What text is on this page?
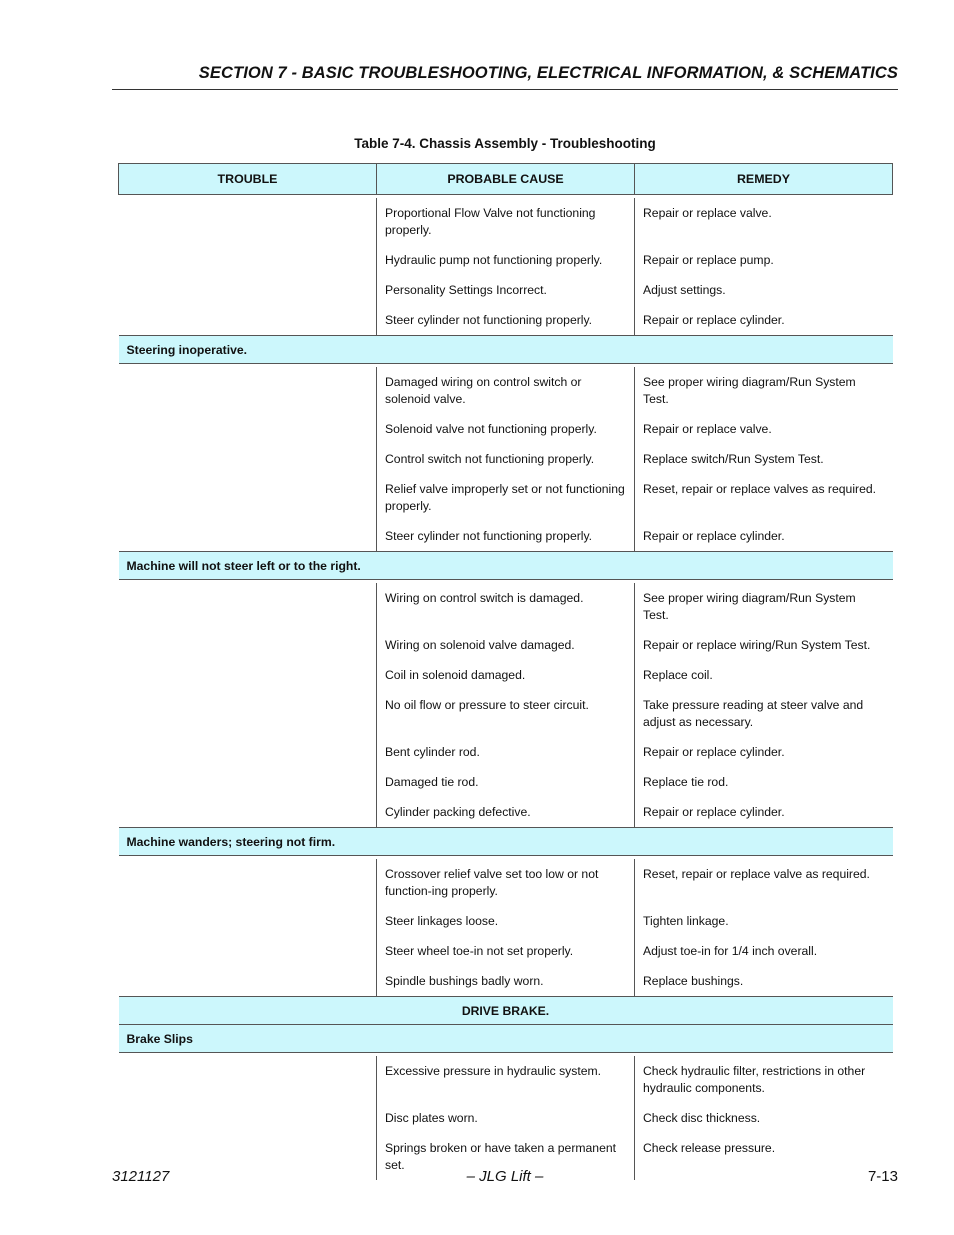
SECTION 7 - BASIC TROUBLESHOOTING, ELECTRICAL INFORMATION, & SCHEMATICS
Table 7-4. Chassis Assembly - Troubleshooting
TROUBLE	PROBABLE CAUSE	REMEDY

	Proportional Flow Valve not functioning properly.	Repair or replace valve.
	Hydraulic pump not functioning properly.	Repair or replace pump.
	Personality Settings Incorrect.	Adjust settings.
	Steer cylinder not functioning properly.	Repair or replace cylinder.
Steering inoperative.		

	Damaged wiring on control switch or solenoid valve.	See proper wiring diagram/Run System Test.
	Solenoid valve not functioning properly.	Repair or replace valve.
	Control switch not functioning properly.	Replace switch/Run System Test.
	Relief valve improperly set or not functioning properly.	Reset, repair or replace valves as required.
	Steer cylinder not functioning properly.	Repair or replace cylinder.
Machine will not steer left or to the right.		

	Wiring on control switch is damaged.	See proper wiring diagram/Run System Test.
	Wiring on solenoid valve damaged.	Repair or replace wiring/Run System Test.
	Coil in solenoid damaged.	Replace coil.
	No oil flow or pressure to steer circuit.	Take pressure reading at steer valve and adjust as necessary.
	Bent cylinder rod.	Repair or replace cylinder.
	Damaged tie rod.	Replace tie rod.
	Cylinder packing defective.	Repair or replace cylinder.
Machine wanders; steering not firm.		

	Crossover relief valve set too low or not function-ing properly.	Reset, repair or replace valve as required.
	Steer linkages loose.	Tighten linkage.
	Steer wheel toe-in not set properly.	Adjust toe-in for 1/4 inch overall.
	Spindle bushings badly worn.	Replace bushings.
DRIVE BRAKE.		
Brake Slips		

	Excessive pressure in hydraulic system.	Check hydraulic filter, restrictions in other hydraulic components.
	Disc plates worn.	Check disc thickness.
	Springs broken or have taken a permanent set.	Check release pressure.
3121127	– JLG Lift –	7-13
